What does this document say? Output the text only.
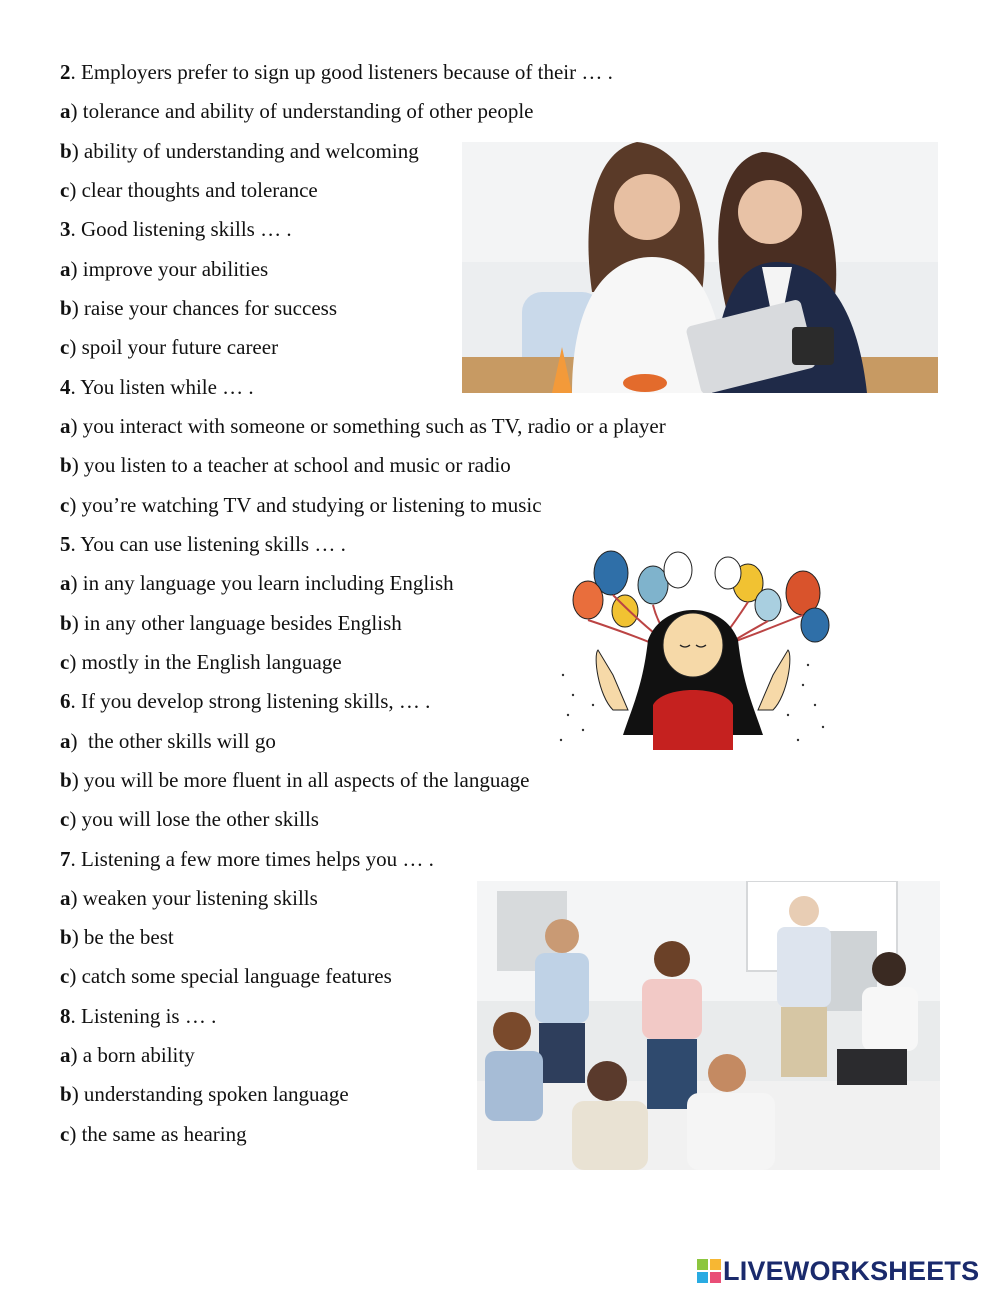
2. Employers prefer to sign up good listeners because of their … .
a) tolerance and ability of understanding of other people
b) ability of understanding and welcoming
c) clear thoughts and tolerance
3. Good listening skills … .
a) improve your abilities
b) raise your chances for success
c) spoil your future career
4. You listen while … .
a) you interact with someone or something such as TV, radio or a player
b) you listen to a teacher at school and music or radio
c) you’re watching TV and studying or listening to music
5. You can use listening skills … .
a) in any language you learn including English
b) in any other language besides English
c) mostly in the English language
6. If you develop strong listening skills, … .
a)  the other skills will go
b) you will be more fluent in all aspects of the language
c) you will lose the other skills
7. Listening a few more times helps you … .
a) weaken your listening skills
b) be the best
c) catch some special language features
8. Listening is … .
a) a born ability
b) understanding spoken language
c) the same as hearing
LIVEWORKSHEETS
